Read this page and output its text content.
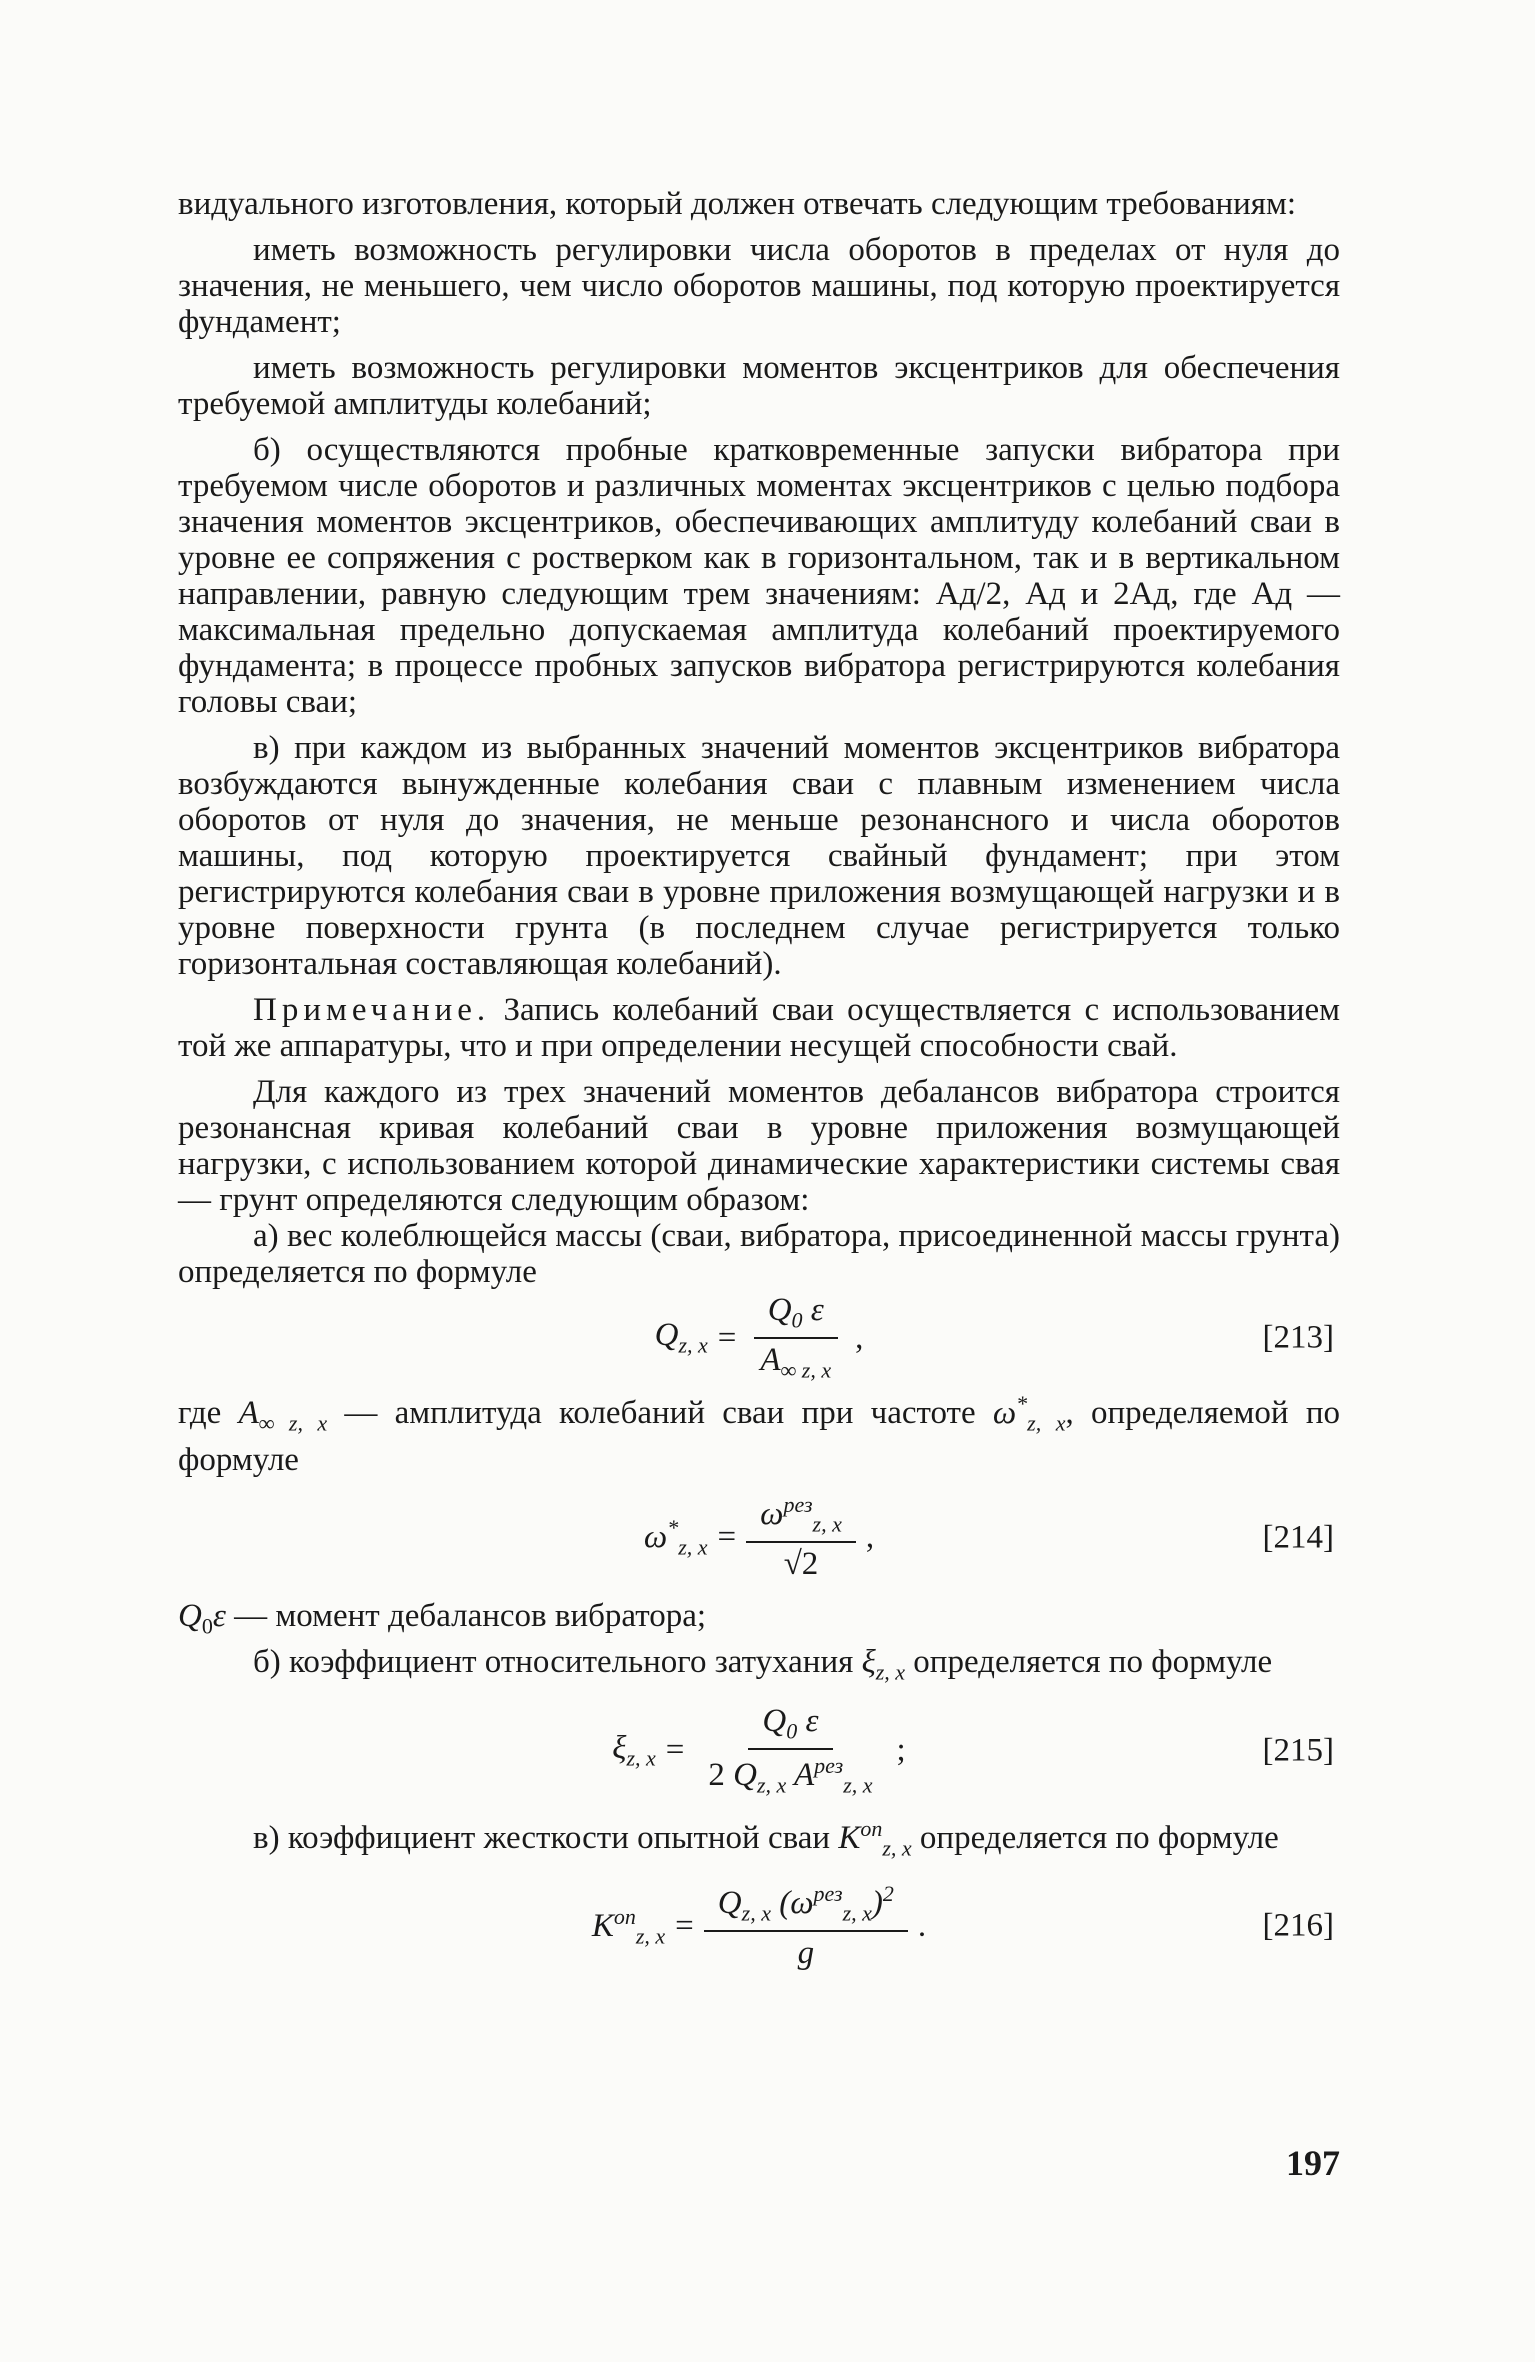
видуального изготовления, который должен отвечать следующим требованиям:

иметь возможность регулировки числа оборотов в пределах от нуля до значения, не меньшего, чем число оборотов машины, под которую проектируется фундамент;

иметь возможность регулировки моментов эксцентриков для обеспечения требуемой амплитуды колебаний;

б) осуществляются пробные кратковременные запуски вибратора при требуемом числе оборотов и различных моментах эксцентриков с целью подбора значения моментов эксцентриков, обеспечивающих амплитуду колебаний сваи в уровне ее сопряжения с ростверком как в горизонтальном, так и в вертикальном направлении, равную следующим трем значениям: Aд/2, Aд и 2Aд, где Aд — максимальная предельно допускаемая амплитуда колебаний проектируемого фундамента; в процессе пробных запусков вибратора регистрируются колебания головы сваи;

в) при каждом из выбранных значений моментов эксцентриков вибратора возбуждаются вынужденные колебания сваи с плавным изменением числа оборотов от нуля до значения, не меньше резонансного и числа оборотов машины, под которую проектируется свайный фундамент; при этом регистрируются колебания сваи в уровне приложения возмущающей нагрузки и в уровне поверхности грунта (в последнем случае регистрируется только горизонтальная составляющая колебаний).

Примечание. Запись колебаний сваи осуществляется с использованием той же аппаратуры, что и при определении несущей способности свай.

Для каждого из трех значений моментов дебалансов вибратора строится резонансная кривая колебаний сваи в уровне приложения возмущающей нагрузки, с использованием которой динамические характеристики системы свая — грунт определяются следующим образом:

а) вес колеблющейся массы (сваи, вибратора, присоединенной массы грунта) определяется по формуле

$Q_{z, x} = \frac{Q_0 \varepsilon}{A_{\infty z, x}}$ ,	[213]

где $A_{\infty z, x}$ — амплитуда колебаний сваи при частоте $\omega^*_{z, x}$, определяемой по формуле

$\omega^*_{z, x} = \frac{\omega^{рез}_{z, x}}{√2}$ ,	[214]

$Q_0\varepsilon$ — момент дебалансов вибратора;

б) коэффициент относительного затухания $\xi_{z, x}$ определяется по формуле

$\xi_{z, x} = \frac{Q_0 \varepsilon}{2 Q_{z, x} A^{рез}_{z, x}}$ ;	[215]

в) коэффициент жесткости опытной сваи $K^{оп}_{z, x}$ определяется по формуле

$K^{оп}_{z, x} = \frac{Q_{z, x} (\omega^{рез}_{z, x})^2}{g}$ .	[216]
197
